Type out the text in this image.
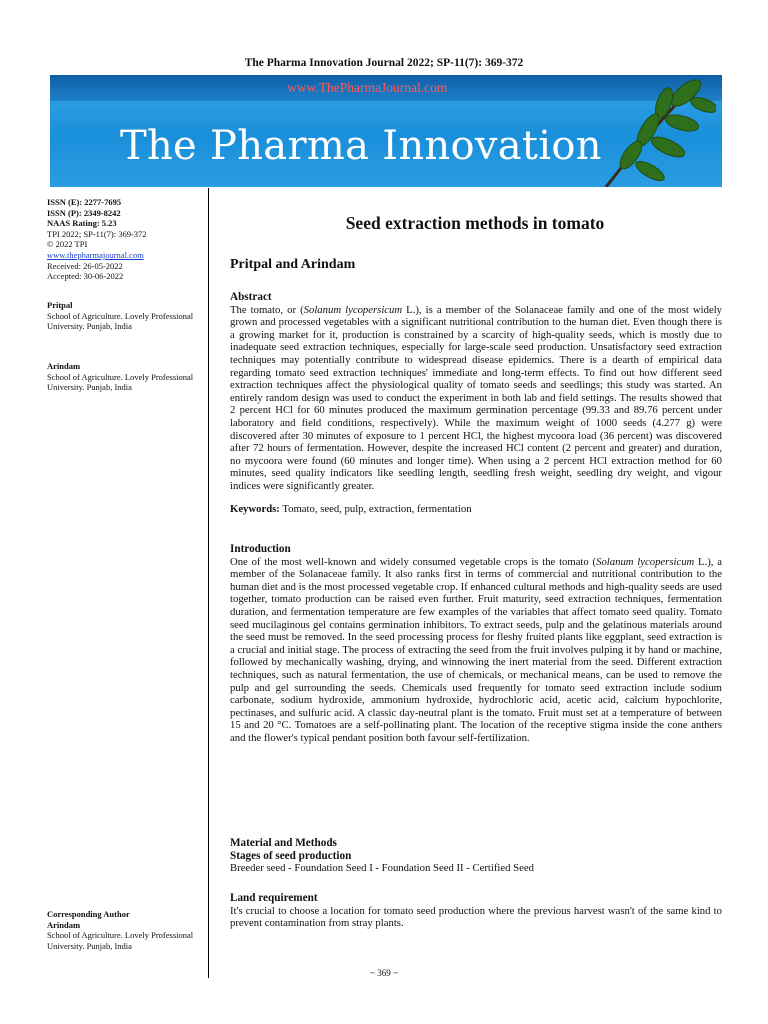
The Pharma Innovation Journal 2022; SP-11(7): 369-372
www.ThePharmaJournal.com
The Pharma Innovation
ISSN (E): 2277-7695
ISSN (P): 2349-8242
NAAS Rating: 5.23
TPI 2022; SP-11(7): 369-372
© 2022 TPI
www.thepharmajournal.com
Received: 26-05-2022
Accepted: 30-06-2022
Pritpal
School of Agriculture. Lovely Professional University. Punjab, India
Arindam
School of Agriculture. Lovely Professional University. Punjab, India
Corresponding Author
Arindam
School of Agriculture. Lovely Professional University. Punjab, India
Seed extraction methods in tomato
Pritpal and Arindam
Abstract

The tomato, or (Solanum lycopersicum L.), is a member of the Solanaceae family and one of the most widely grown and processed vegetables with a significant nutritional contribution to the human diet. Even though there is a growing market for it, production is constrained by a scarcity of high-quality seeds, which is mostly due to inadequate seed extraction techniques, especially for large-scale seed production. Unsatisfactory seed extraction techniques may potentially contribute to widespread disease epidemics. There is a dearth of empirical data regarding tomato seed extraction techniques' immediate and long-term effects. To find out how different seed extraction techniques affect the physiological quality of tomato seeds and seedlings; this study was started. An entirely random design was used to conduct the experiment in both lab and field settings. The results showed that 2 percent HCl for 60 minutes produced the maximum germination percentage (99.33 and 89.76 percent under laboratory and field conditions, respectively). While the maximum weight of 1000 seeds (4.277 g) were discovered after 30 minutes of exposure to 1 percent HCl, the highest mycoora load (36 percent) was discovered after 72 hours of fermentation. However, despite the increased HCl content (2 percent and greater) and duration, no mycoora were found (60 minutes and longer time). When using a 2 percent HCl extraction method for 60 minutes, seed quality indicators like seedling length, seedling fresh weight, seedling dry weight, and vigour indices were significantly greater.

Keywords: Tomato, seed, pulp, extraction, fermentation

Introduction

One of the most well-known and widely consumed vegetable crops is the tomato (Solanum lycopersicum L.), a member of the Solanaceae family. It also ranks first in terms of commercial and nutritional contribution to the human diet and is the most processed vegetable crop. If enhanced cultural methods and high-quality seeds are used together, tomato production can be raised even further. Fruit maturity, seed extraction techniques, fermentation duration, and fermentation temperature are few examples of the variables that affect tomato seed quality. Tomato seed mucilaginous gel contains germination inhibitors. To extract seeds, pulp and the gelatinous materials around the seed must be removed. In the seed processing process for fleshy fruited plants like eggplant, seed extraction is a crucial and initial stage. The process of extracting the seed from the fruit involves pulping it by hand or machine, followed by mechanically washing, drying, and winnowing the inert material from the seed. Different extraction techniques, such as natural fermentation, the use of chemicals, or mechanical means, can be used to remove the pulp and gel surrounding the seeds. Chemicals used frequently for tomato seed extraction include sodium carbonate, sodium hydroxide, ammonium hydroxide, hydrochloric acid, acetic acid, calcium hypochlorite, pectinases, and sulfuric acid. A classic day-neutral plant is the tomato. Fruit must set at a temperature of between 15 and 20 °C. Tomatoes are a self-pollinating plant. The location of the receptive stigma inside the cone anthers and the flower's typical pendant position both favour self-fertilization.

Material and Methods
Stages of seed production

Breeder seed - Foundation Seed I - Foundation Seed II - Certified Seed

Land requirement

It's crucial to choose a location for tomato seed production where the previous harvest wasn't of the same kind to prevent contamination from stray plants.

~ 369 ~
